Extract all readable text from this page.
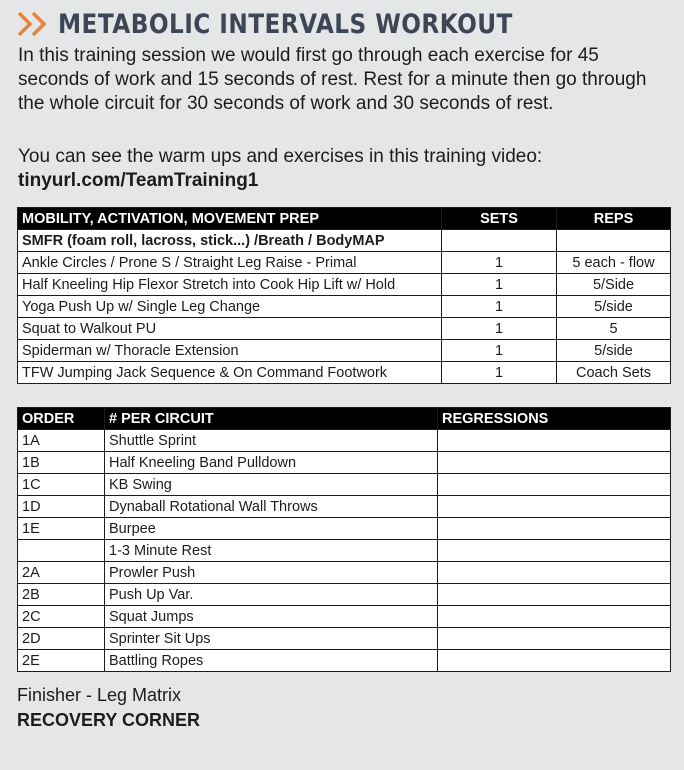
METABOLIC INTERVALS WORKOUT

In this training session we would first go through each exercise for 45 seconds of work and 15 seconds of rest. Rest for a minute then go through the whole circuit for 30 seconds of work and 30 seconds of rest.

You can see the warm ups and exercises in this training video:

tinyurl.com/TeamTraining1

MOBILITY, ACTIVATION, MOVEMENT PREP	SETS	REPS
SMFR (foam roll, lacross, stick...) /Breath / BodyMAP		
Ankle Circles / Prone S / Straight Leg Raise - Primal	1	5 each - flow
Half Kneeling Hip Flexor Stretch into Cook Hip Lift w/ Hold	1	5/Side
Yoga Push Up w/ Single Leg Change	1	5/side
Squat to Walkout PU	1	5
Spiderman w/ Thoracle Extension	1	5/side
TFW Jumping Jack Sequence & On Command Footwork	1	Coach Sets
ORDER	# PER CIRCUIT	REGRESSIONS
1A	Shuttle Sprint	
1B	Half Kneeling Band Pulldown	
1C	KB Swing	
1D	Dynaball Rotational Wall Throws	
1E	Burpee	
	1-3 Minute Rest	
2A	Prowler Push	
2B	Push Up Var.	
2C	Squat Jumps	
2D	Sprinter Sit Ups	
2E	Battling Ropes	

Finisher - Leg Matrix

RECOVERY CORNER
